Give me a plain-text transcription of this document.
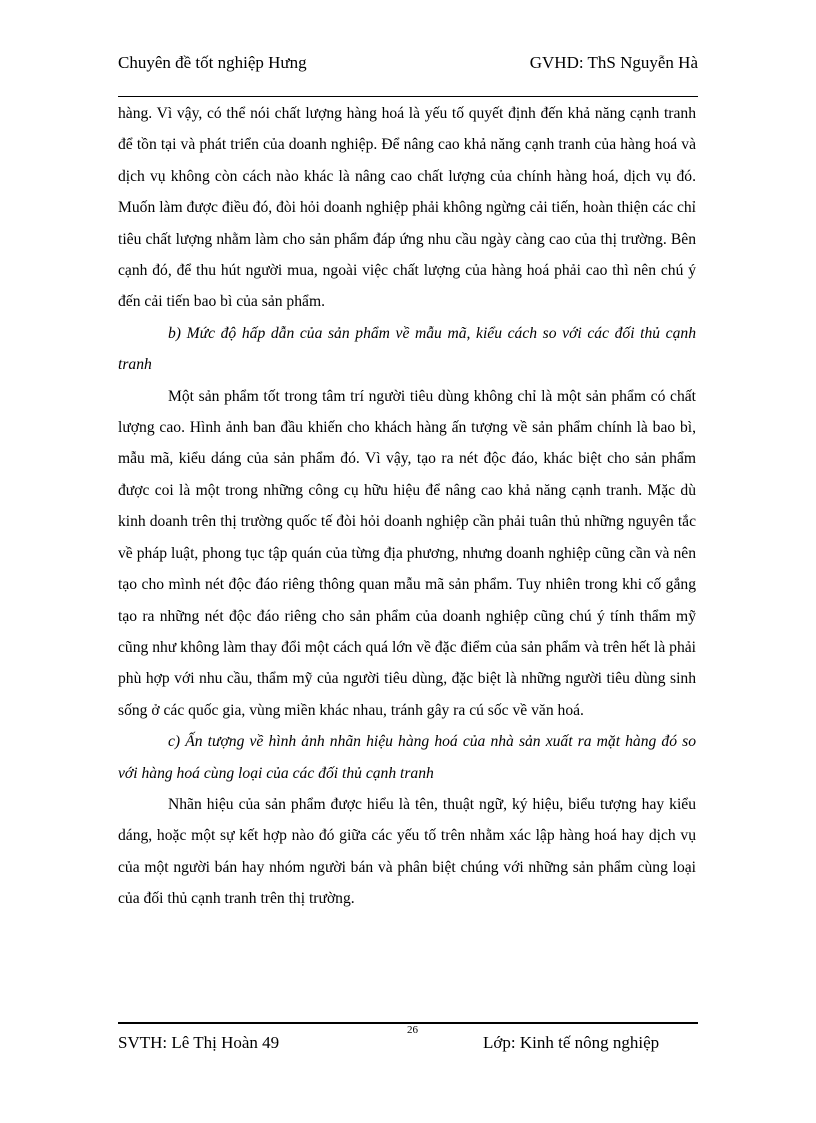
Chuyên đề tốt nghiệp Hưng	GVHD: ThS Nguyễn Hà

hàng. Vì vậy, có thể nói chất lượng hàng hoá là yếu tố quyết định đến khả năng cạnh tranh để tồn tại và phát triển của doanh nghiệp. Để nâng cao khả năng cạnh tranh của hàng hoá và dịch vụ không còn cách nào khác là nâng cao chất lượng của chính hàng hoá, dịch vụ đó. Muốn làm được điều đó, đòi hỏi doanh nghiệp phải không ngừng cải tiến, hoàn thiện các chỉ tiêu chất lượng nhằm làm cho sản phẩm đáp ứng nhu cầu ngày càng cao của thị trường. Bên cạnh đó, để thu hút người mua, ngoài việc chất lượng của hàng hoá phải cao thì nên chú ý đến cải tiến bao bì của sản phẩm.

b) Mức độ hấp dẫn của sản phẩm về mẫu mã, kiểu cách so với các đối thủ cạnh tranh

Một sản phẩm tốt trong tâm trí người tiêu dùng không chỉ là một sản phẩm có chất lượng cao. Hình ảnh ban đầu khiến cho khách hàng ấn tượng về sản phẩm chính là bao bì, mẫu mã, kiểu dáng của sản phẩm đó. Vì vậy, tạo ra nét độc đáo, khác biệt cho sản phẩm được coi là một trong những công cụ hữu hiệu để nâng cao khả năng cạnh tranh. Mặc dù kinh doanh trên thị trường quốc tế đòi hỏi doanh nghiệp cần phải tuân thủ những nguyên tắc về pháp luật, phong tục tập quán của từng địa phương, nhưng doanh nghiệp cũng cần và nên tạo cho mình nét độc đáo riêng thông quan mẫu mã sản phẩm. Tuy nhiên trong khi cố gắng tạo ra những nét độc đáo riêng cho sản phẩm của doanh nghiệp cũng chú ý tính thẩm mỹ cũng như không làm thay đổi một cách quá lớn về đặc điểm của sản phẩm và trên hết là phải phù hợp với nhu cầu, thẩm mỹ của người tiêu dùng, đặc biệt là những người tiêu dùng sinh sống ở các quốc gia, vùng miền khác nhau, tránh gây ra cú sốc về văn hoá.

c) Ấn tượng về hình ảnh nhãn hiệu hàng hoá của nhà sản xuất ra mặt hàng đó so với hàng hoá cùng loại của các đối thủ cạnh tranh

Nhãn hiệu của sản phẩm được hiểu là tên, thuật ngữ, ký hiệu, biểu tượng hay kiểu dáng, hoặc một sự kết hợp nào đó giữa các yếu tố trên nhằm xác lập hàng hoá hay dịch vụ của một người bán hay nhóm người bán và phân biệt chúng với những sản phẩm cùng loại của đối thủ cạnh tranh trên thị trường.

26
SVTH: Lê Thị Hoàn 49	Lớp: Kinh tế nông nghiệp
